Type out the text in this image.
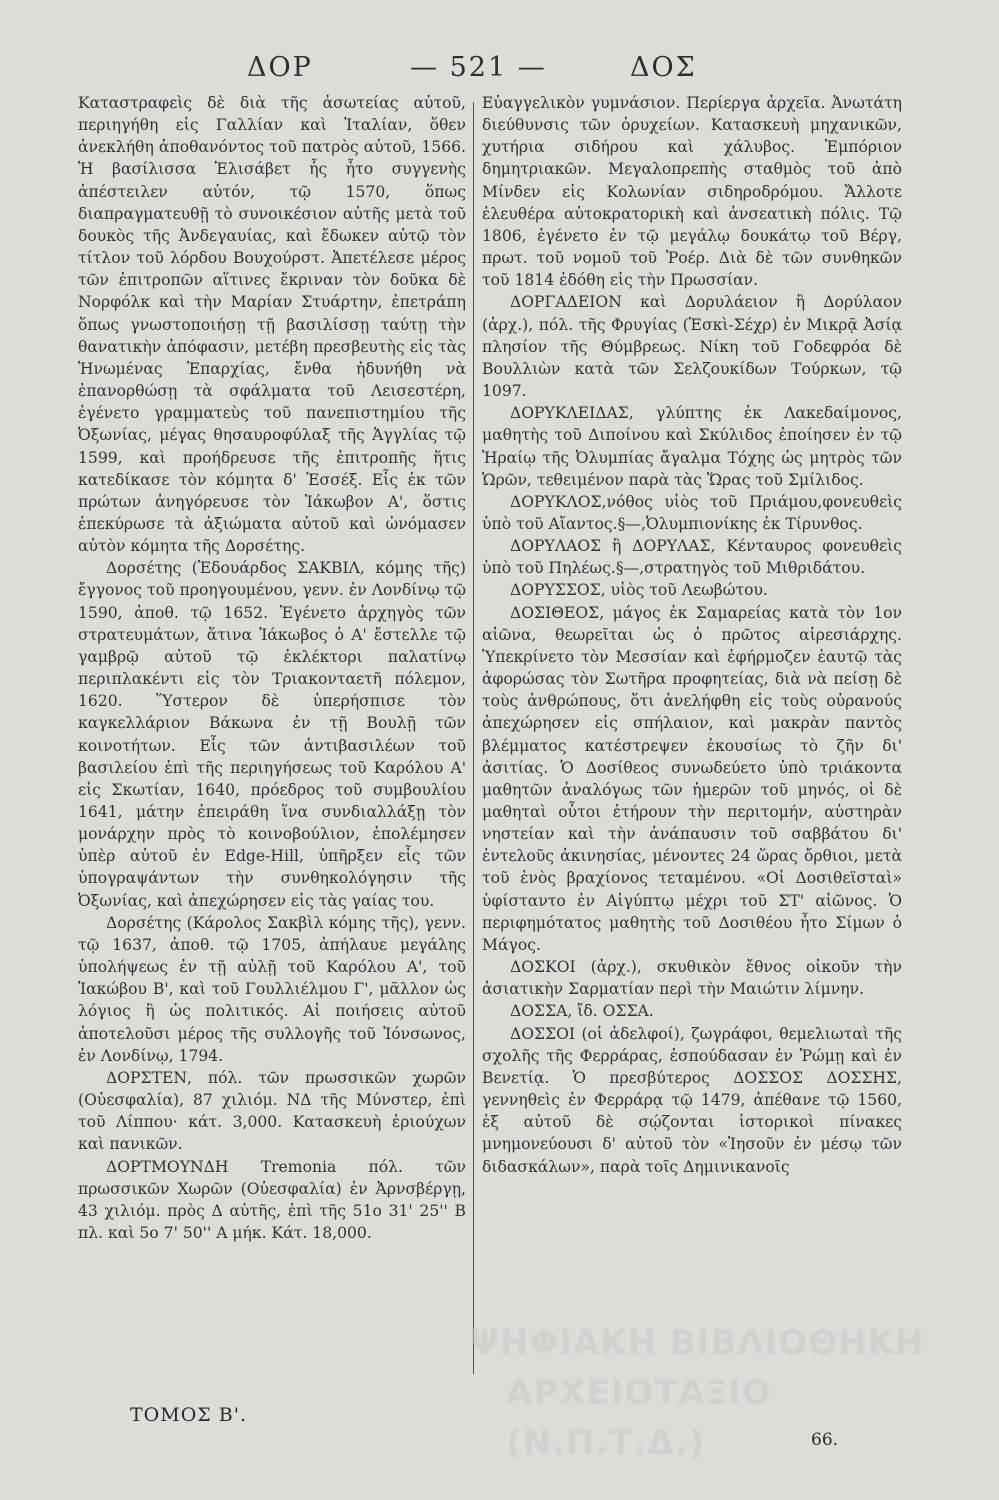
ΔΟΡ	— 521 —	ΔΟΣ

Καταστραφεὶς δὲ διὰ τῆς ἀσωτείας αὐτοῦ, περιηγήθη εἰς Γαλλίαν καὶ Ἰταλίαν, ὅθεν ἀνεκλήθη ἀποθανόντος τοῦ πατρὸς αὐτοῦ, 1566. Ἡ βασίλισσα Ἐλισάβετ ἧς ἦτο συγγενὴς ἀπέστειλεν αὐτόν, τῷ 1570, ὅπως διαπραγματευθῇ τὸ συνοικέσιον αὐτῆς μετὰ τοῦ δουκὸς τῆς Ἀνδεγαυίας, καὶ ἔδωκεν αὐτῷ τὸν τίτλον τοῦ λόρδου Βουχούρστ. Ἀπετέλεσε μέρος τῶν ἐπιτροπῶν αἵτινες ἔκριναν τὸν δοῦκα δὲ Νορφόλκ καὶ τὴν Μαρίαν Στυάρτην, ἐπετράπη ὅπως γνωστοποιήσῃ τῇ βασιλίσσῃ ταύτῃ τὴν θανατικὴν ἀπόφασιν, μετέβη πρεσβευτὴς εἰς τὰς Ἡνωμένας Ἐπαρχίας, ἔνθα ἠδυνήθη νὰ ἐπανορθώσῃ τὰ σφάλματα τοῦ Λεισεστέρη, ἐγένετο γραμματεὺς τοῦ πανεπιστημίου τῆς Ὀξωνίας, μέγας θησαυροφύλαξ τῆς Ἀγγλίας τῷ 1599, καὶ προήδρευσε τῆς ἐπιτροπῆς ἥτις κατεδίκασε τὸν κόμητα δ' Ἐσσέξ. Εἷς ἐκ τῶν πρώτων ἀνηγόρευσε τὸν Ἰάκωβον Α', ὅστις ἐπεκύρωσε τὰ ἀξιώματα αὐτοῦ καὶ ὠνόμασεν αὐτὸν κόμητα τῆς Δορσέτης.

Δορσέτης (Ἐδουάρδος ΣΑΚΒΙΛ, κόμης τῆς) ἔγγονος τοῦ προηγουμένου, γενν. ἐν Λονδίνῳ τῷ 1590, ἀποθ. τῷ 1652. Ἐγένετο ἀρχηγὸς τῶν στρατευμάτων, ἅτινα Ἰάκωβος ὁ Α' ἔστελλε τῷ γαμβρῷ αὐτοῦ τῷ ἐκλέκτορι παλατίνῳ περιπλακέντι εἰς τὸν Τριακονταετῆ πόλεμον, 1620. Ὕστερον δὲ ὑπερήσπισε τὸν καγκελλάριον Βάκωνα ἐν τῇ Βουλῇ τῶν κοινοτήτων. Εἷς τῶν ἀντιβασιλέων τοῦ βασιλείου ἐπὶ τῆς περιηγήσεως τοῦ Καρόλου Α' εἰς Σκωτίαν, 1640, πρόεδρος τοῦ συμβουλίου 1641, μάτην ἐπειράθη ἵνα συνδιαλλάξῃ τὸν μονάρχην πρὸς τὸ κοινοβούλιον, ἐπολέμησεν ὑπὲρ αὐτοῦ ἐν Edge-Hill, ὑπῆρξεν εἷς τῶν ὑπογραψάντων τὴν συνθηκολόγησιν τῆς Ὀξωνίας, καὶ ἀπεχώρησεν εἰς τὰς γαίας του.

Δορσέτης (Κάρολος Σακβὶλ κόμης τῆς), γενν. τῷ 1637, ἀποθ. τῷ 1705, ἀπήλαυε μεγάλης ὑπολήψεως ἐν τῇ αὐλῇ τοῦ Καρόλου Α', τοῦ Ἰακώβου Β', καὶ τοῦ Γουλλιέλμου Γ', μᾶλλον ὡς λόγιος ἢ ὡς πολιτικός. Αἱ ποιήσεις αὐτοῦ ἀποτελοῦσι μέρος τῆς συλλογῆς τοῦ Ἰόνσωνος, ἐν Λονδίνῳ, 1794.

ΔΟΡΣΤΕΝ, πόλ. τῶν πρωσσικῶν χωρῶν (Οὐεσφαλία), 87 χιλιόμ. ΝΔ τῆς Μύνστερ, ἐπὶ τοῦ Λίππου· κάτ. 3,000. Κατασκευὴ ἐριούχων καὶ πανικῶν.

ΔΟΡΤΜΟΥΝΔΗ Tremonia πόλ. τῶν πρωσσικῶν Χωρῶν (Οὐεσφαλία) ἐν Ἀρνσβέργῃ, 43 χιλιόμ. πρὸς Δ αὐτῆς, ἐπὶ τῆς 51ο 31' 25'' Β πλ. καὶ 5ο 7' 50'' Α μήκ. Κάτ. 18,000.

Εὐαγγελικὸν γυμνάσιον. Περίεργα ἀρχεῖα. Ἀνωτάτη διεύθυνσις τῶν ὀρυχείων. Κατασκευὴ μηχανικῶν, χυτήρια σιδήρου καὶ χάλυβος. Ἐμπόριον δημητριακῶν. Μεγαλοπρεπὴς σταθμὸς τοῦ ἀπὸ Μίνδεν εἰς Κολωνίαν σιδηροδρόμου. Ἄλλοτε ἐλευθέρα αὐτοκρατορικὴ καὶ ἀνσεατικὴ πόλις. Τῷ 1806, ἐγένετο ἐν τῷ μεγάλῳ δουκάτῳ τοῦ Βέργ, πρωτ. τοῦ νομοῦ τοῦ Ῥοέρ. Διὰ δὲ τῶν συνθηκῶν τοῦ 1814 ἐδόθη εἰς τὴν Πρωσσίαν.

ΔΟΡΓΑΔΕΙΟΝ καὶ Δορυλάειον ἢ Δορύλαον (ἀρχ.), πόλ. τῆς Φρυγίας (Ἐσκὶ-Σέχρ) ἐν Μικρᾷ Ἀσίᾳ πλησίον τῆς Θύμβρεως. Νίκη τοῦ Γοδεφρόα δὲ Βουλλιὼν κατὰ τῶν Σελζουκίδων Τούρκων, τῷ 1097.

ΔΟΡΥΚΛΕΙΔΑΣ, γλύπτης ἐκ Λακεδαίμονος, μαθητὴς τοῦ Διπoίνου καὶ Σκύλιδος ἐποίησεν ἐν τῷ Ἡραίῳ τῆς Ὀλυμπίας ἄγαλμα Τόχης ὡς μητρὸς τῶν Ὡρῶν, τεθειμένον παρὰ τὰς Ὥρας τοῦ Σμίλιδος.

ΔΟΡΥΚΛΟΣ,νόθος υἱὸς τοῦ Πριάμου,φονευθεὶς ὑπὸ τοῦ Αἴαντος.§—,Ὀλυμπιονίκης ἐκ Τίρυνθος.

ΔΟΡΥΛΑΟΣ ἢ ΔΟΡΥΛΑΣ, Κένταυρος φονευθεὶς ὑπὸ τοῦ Πηλέως.§—,στρατηγὸς τοῦ Μιθριδάτου.

ΔΟΡΥΣΣΟΣ, υἱὸς τοῦ Λεωβώτου.

ΔΟΣΙΘΕΟΣ, μάγος ἐκ Σαμαρείας κατὰ τὸν 1ον αἰῶνα, θεωρεῖται ὡς ὁ πρῶτος αἱρεσιάρχης. Ὑπεκρίνετο τὸν Μεσσίαν καὶ ἐφήρμοζεν ἑαυτῷ τὰς ἀφορώσας τὸν Σωτῆρα προφητείας, διὰ νὰ πείσῃ δὲ τοὺς ἀνθρώπους, ὅτι ἀνελήφθη εἰς τοὺς οὐρανούς ἀπεχώρησεν εἰς σπήλαιον, καὶ μακρὰν παντὸς βλέμματος κατέστρεψεν ἑκουσίως τὸ ζῆν δι' ἀσιτίας. Ὁ Δοσίθεος συνωδεύετο ὑπὸ τριάκοντα μαθητῶν ἀναλόγως τῶν ἡμερῶν τοῦ μηνός, οἱ δὲ μαθηταὶ οὗτοι ἐτήρουν τὴν περιτομήν, αὐστηρὰν νηστείαν καὶ τὴν ἀνάπαυσιν τοῦ σαββάτου δι' ἐντελοῦς ἀκινησίας, μένοντες 24 ὥρας ὄρθιοι, μετὰ τοῦ ἑνὸς βραχίονος τεταμένου. «Οἱ Δοσιθεϊσταὶ» ὑφίσταντο ἐν Αἰγύπτῳ μέχρι τοῦ ΣΤ' αἰῶνος. Ὁ περιφημότατος μαθητὴς τοῦ Δοσιθέου ἦτο Σίμων ὁ Μάγος.

ΔΟΣΚΟΙ (ἀρχ.), σκυθικὸν ἔθνος οἰκοῦν τὴν ἀσιατικὴν Σαρματίαν περὶ τὴν Μαιώτιν λίμνην.

ΔΟΣΣΑ, ἴδ. ΟΣΣΑ.

ΔΟΣΣΟΙ (οἱ ἀδελφοί), ζωγράφοι, θεμελιωταὶ τῆς σχολῆς τῆς Φερράρας, ἐσπούδασαν ἐν Ῥώμῃ καὶ ἐν Βενετίᾳ. Ὁ πρεσβύτερος ΔΟΣΣΟΣ ΔΟΣΣΗΣ, γεννηθεὶς ἐν Φερράρᾳ τῷ 1479, ἀπέθανε τῷ 1560, ἐξ αὐτοῦ δὲ σῴζονται ἱστορικοὶ πίνακες μνημονεύουσι δ' αὐτοῦ τὸν «Ἰησοῦν ἐν μέσῳ τῶν διδασκάλων», παρὰ τοῖς Δημινικανοῖς

ΨΗΦΙΑΚΗ ΒΙΒΛΙΟΘΗΚΗ
ΑΡΧΕΙΟΤΑΞΙΟ (Ν.Π.Τ.Δ.)
ΤΟΜΟΣ Β'.
66.
